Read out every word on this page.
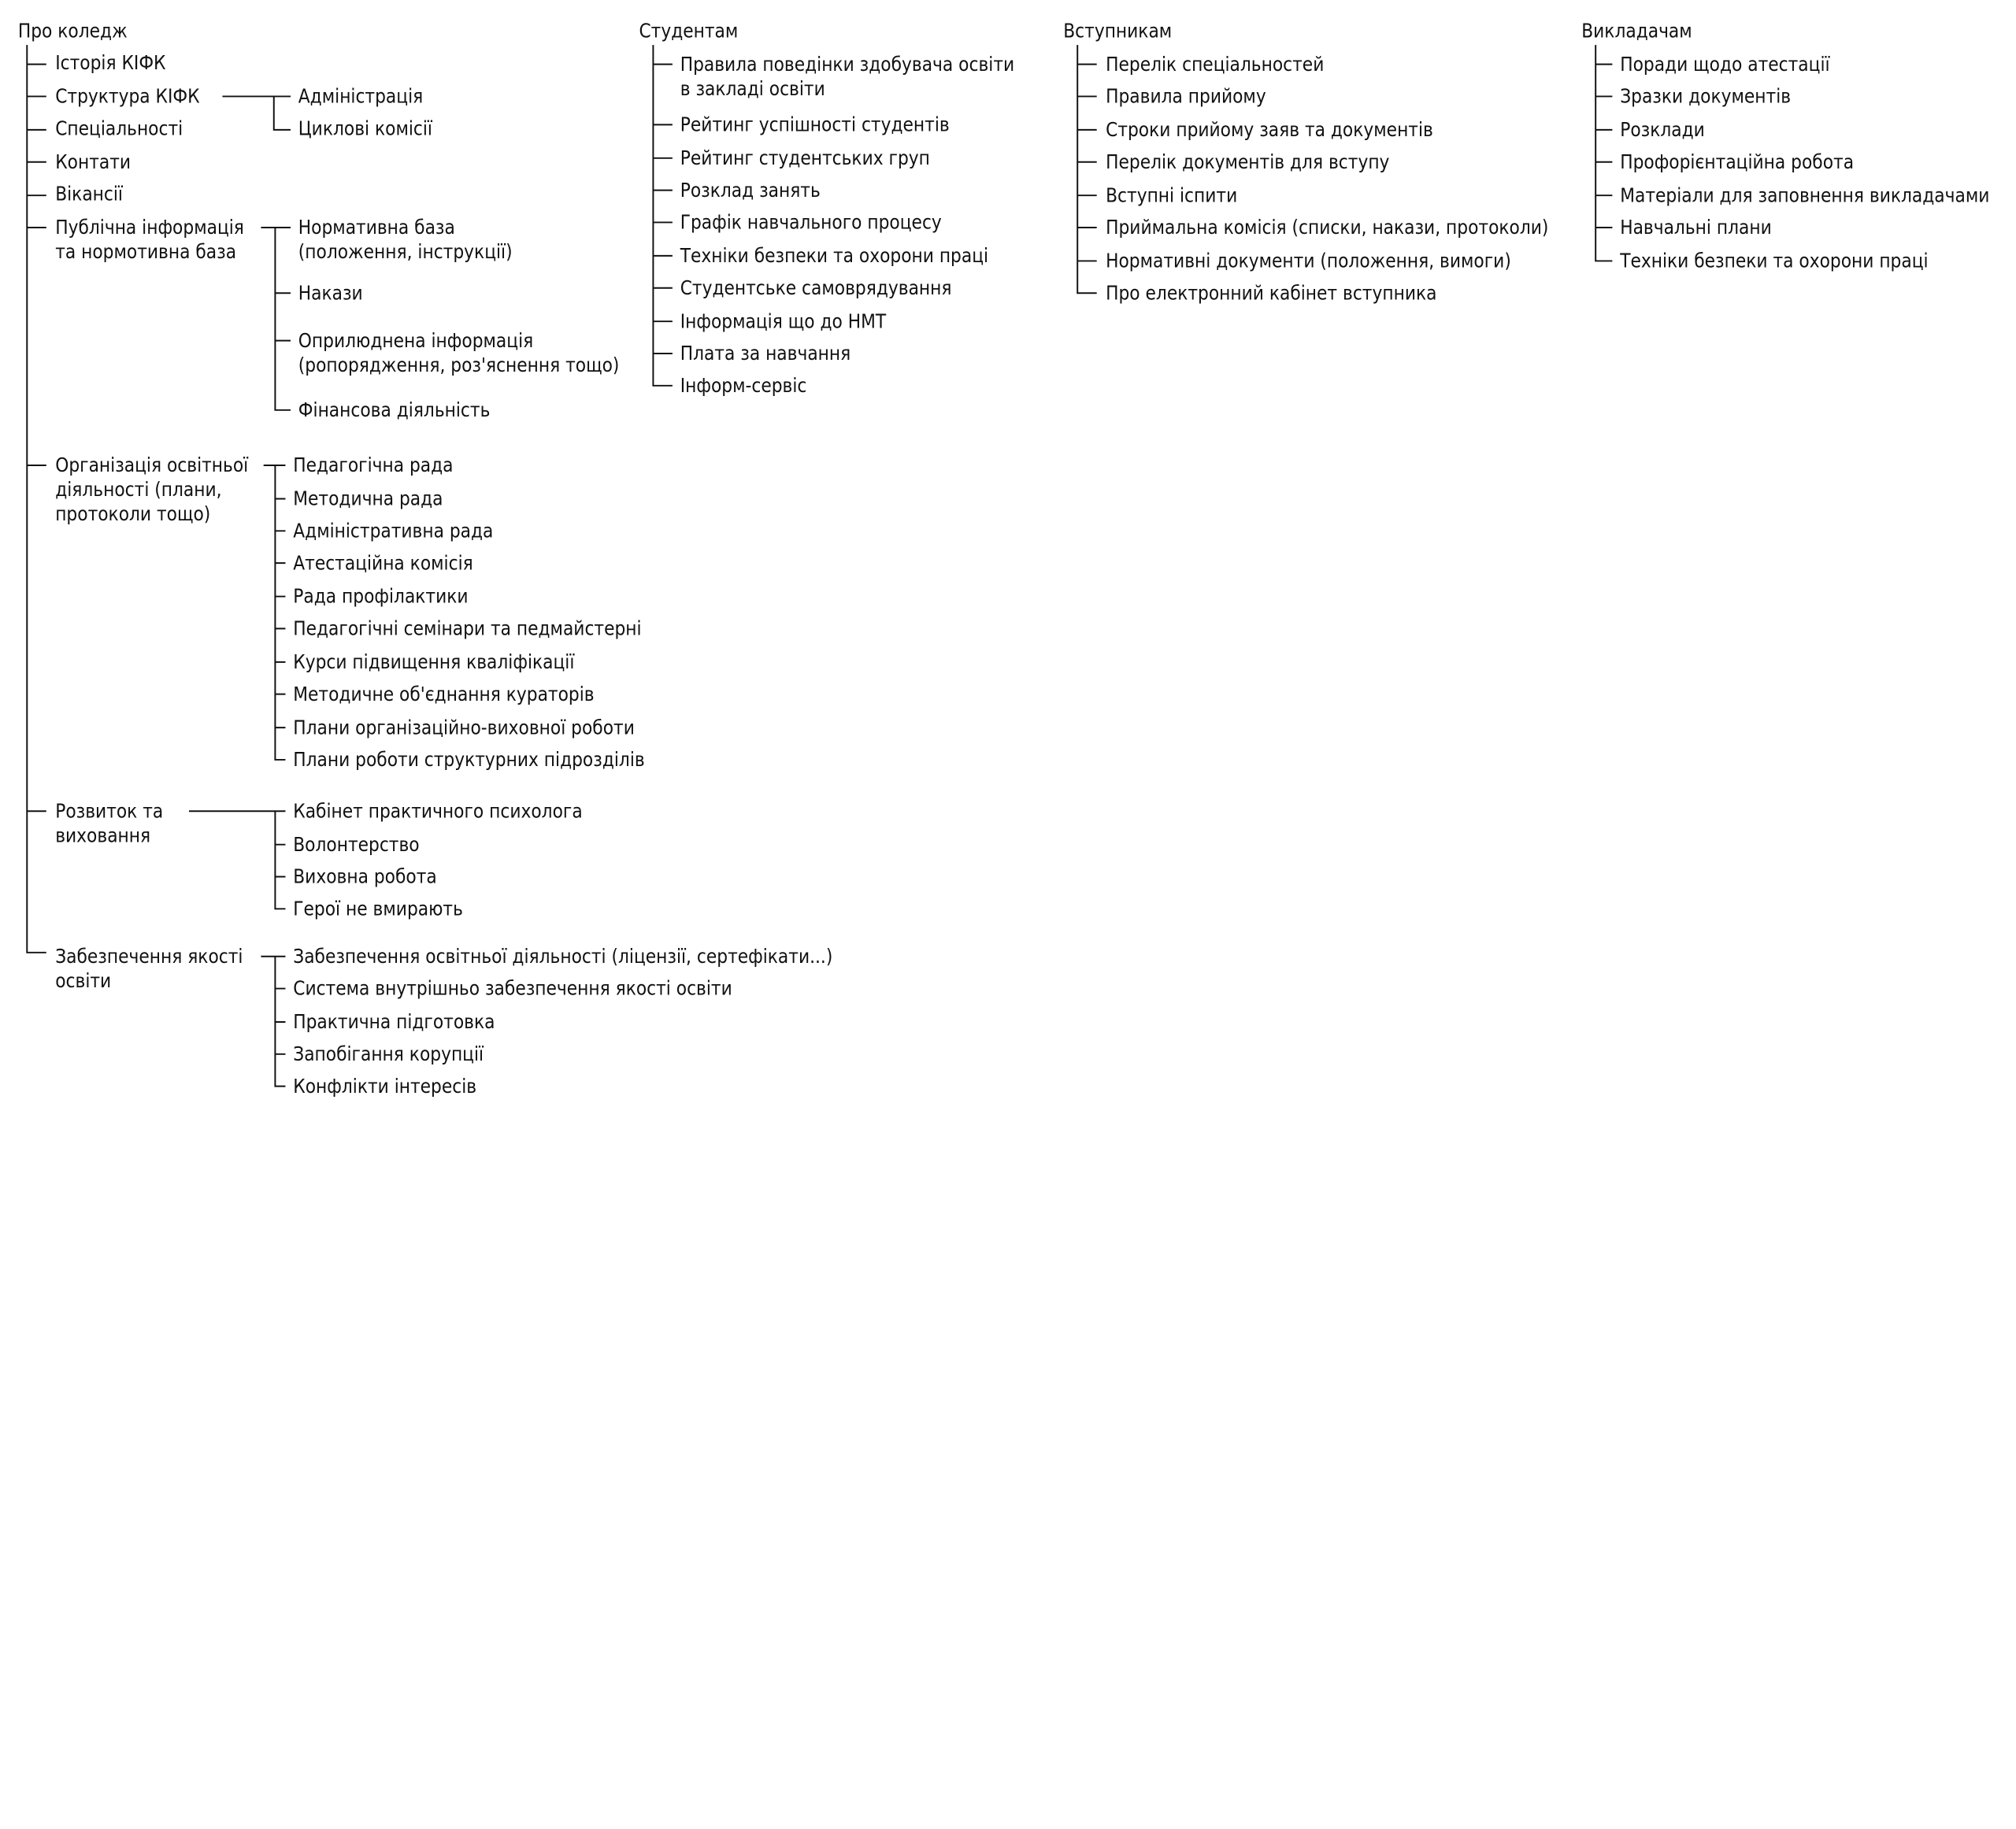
Про коледж
Історія КІФК
Структура КІФК	Адміністрація
Циклові комісії
Спеціальності
Контати
Вікансії
Публічна інформація
та нормотивна база
Нормативна база
(положення, інструкції)
Накази
Оприлюднена інформація
(ропорядження, роз'яснення тощо)
Фінансова діяльність
Організація освітньої
діяльності (плани,
протоколи тощо)
Педагогічна рада
Методична рада
Адміністративна рада
Атестаційна комісія
Рада профілактики
Педагогічні семінари та педмайстерні
Курси підвищення кваліфікації
Методичне об'єднання кураторів
Плани організаційно-виховної роботи
Плани роботи структурних підрозділів
Розвиток та
виховання
Кабінет практичного психолога
Волонтерство
Виховна робота
Герої не вмирають
Забезпечення якості
освіти
Забезпечення освітньої діяльності (ліцензії, сертефікати...)
Система внутрішньо забезпечення якості освіти
Практична підготовка
Запобігання корупції
Конфлікти інтересів
Студентам
Правила поведінки здобувача освіти
в закладі освіти
Рейтинг успішності студентів
Рейтинг студентських груп
Розклад занять
Графік навчального процесу
Техніки безпеки та охорони праці
Студентське самоврядування
Інформація що до НМТ
Плата за навчання
Інформ-сервіс
Вступникам
Перелік спеціальностей
Правила прийому
Строки прийому заяв та документів
Перелік документів для вступу
Вступні іспити
Приймальна комісія (списки, накази, протоколи)
Нормативні документи (положення, вимоги)
Про електронний кабінет вступника
Викладачам
Поради щодо атестації
Зразки документів
Розклади
Профорієнтаційна робота
Матеріали для заповнення викладачами
Навчальні плани
Техніки безпеки та охорони праці
